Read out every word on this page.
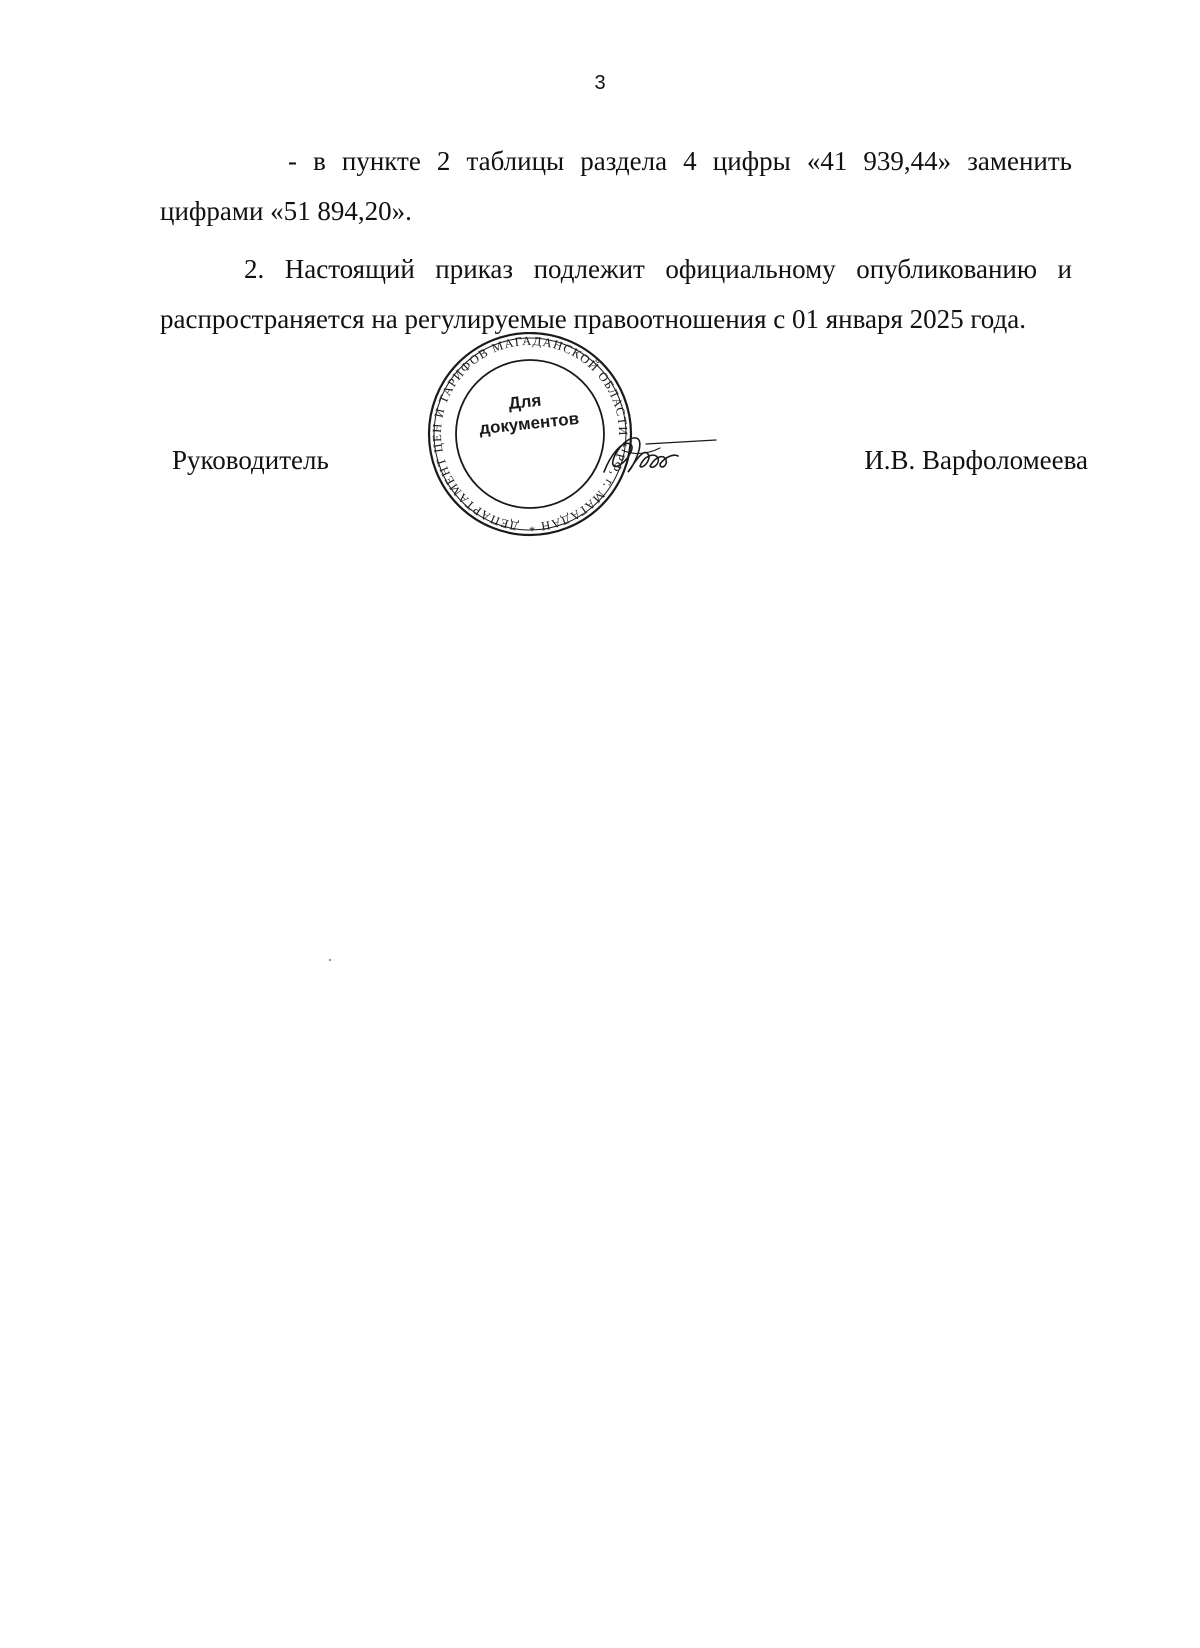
3
- в пункте 2 таблицы раздела 4 цифры «41 939,44» заменить
цифрами «51 894,20».
2. Настоящий приказ подлежит официальному опубликованию и
распространяется на регулируемые правоотношения с 01 января 2025 года.
Руководитель
ДЕПАРТАМЕНТ ЦЕН И ТАРИФОВ МАГАДАНСКОЙ ОБЛАСТИ * РФ, г. МАГАДАН *
Для
документов
И.В. Варфоломеева
